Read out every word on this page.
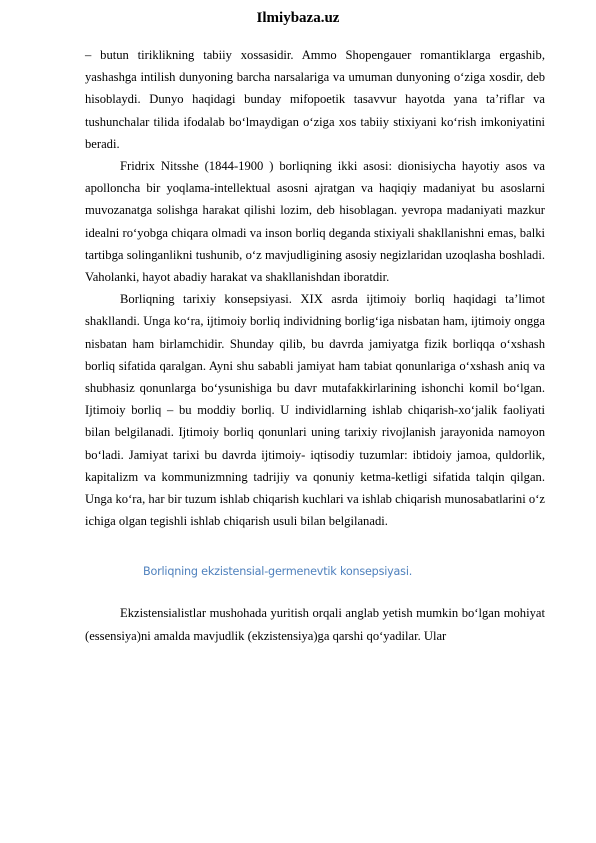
Ilmiybaza.uz

– butun tiriklikning tabiiy xossasidir. Ammo Shopengauer romantiklarga ergashib, yashashga intilish dunyoning barcha narsalariga va umuman dunyoning o‘ziga xosdir, deb hisoblaydi. Dunyo haqidagi bunday mifopoetik tasavvur hayotda yana ta’riflar va tushunchalar tilida ifodalab bo‘lmaydigan o‘ziga xos tabiiy stixiyani ko‘rish imkoniyatini beradi.

Fridrix Nitsshe (1844-1900 ) borliqning ikki asosi: dionisiycha hayotiy asos va apolloncha bir yoqlama-intellektual asosni ajratgan va haqiqiy madaniyat bu asoslarni muvozanatga solishga harakat qilishi lozim, deb hisoblagan. yevropa madaniyati mazkur idealni ro‘yobga chiqara olmadi va inson borliq deganda stixiyali shakllanishni emas, balki tartibga solinganlikni tushunib, o‘z mavjudligining asosiy negizlaridan uzoqlasha boshladi. Vaholanki, hayot abadiy harakat va shakllanishdan iboratdir.

Borliqning tarixiy konsepsiyasi. XIX asrda ijtimoiy borliq haqidagi ta’limot shakllandi. Unga ko‘ra, ijtimoiy borliq individning borlig‘iga nisbatan ham, ijtimoiy ongga nisbatan ham birlamchidir. Shunday qilib, bu davrda jamiyatga fizik borliqqa o‘xshash borliq sifatida qaralgan. Ayni shu sababli jamiyat ham tabiat qonunlariga o‘xshash aniq va shubhasiz qonunlarga bo‘ysunishiga bu davr mutafakkirlarining ishonchi komil bo‘lgan. Ijtimoiy borliq – bu moddiy borliq. U individlarning ishlab chiqarish-xo‘jalik faoliyati bilan belgilanadi. Ijtimoiy borliq qonunlari uning tarixiy rivojlanish jarayonida namoyon bo‘ladi. Jamiyat tarixi bu davrda ijtimoiy- iqtisodiy tuzumlar: ibtidoiy jamoa, quldorlik, kapitalizm va kommunizmning tadrijiy va qonuniy ketma-ketligi sifatida talqin qilgan. Unga ko‘ra, har bir tuzum ishlab chiqarish kuchlari va ishlab chiqarish munosabatlarini o‘z ichiga olgan tegishli ishlab chiqarish usuli bilan belgilanadi.

Borliqning ekzistensial-germenevtik konsepsiyasi.

Ekzistensialistlar mushohada yuritish orqali anglab yetish mumkin bo‘lgan mohiyat (essensiya)ni amalda mavjudlik (ekzistensiya)ga qarshi qo‘yadilar. Ular
